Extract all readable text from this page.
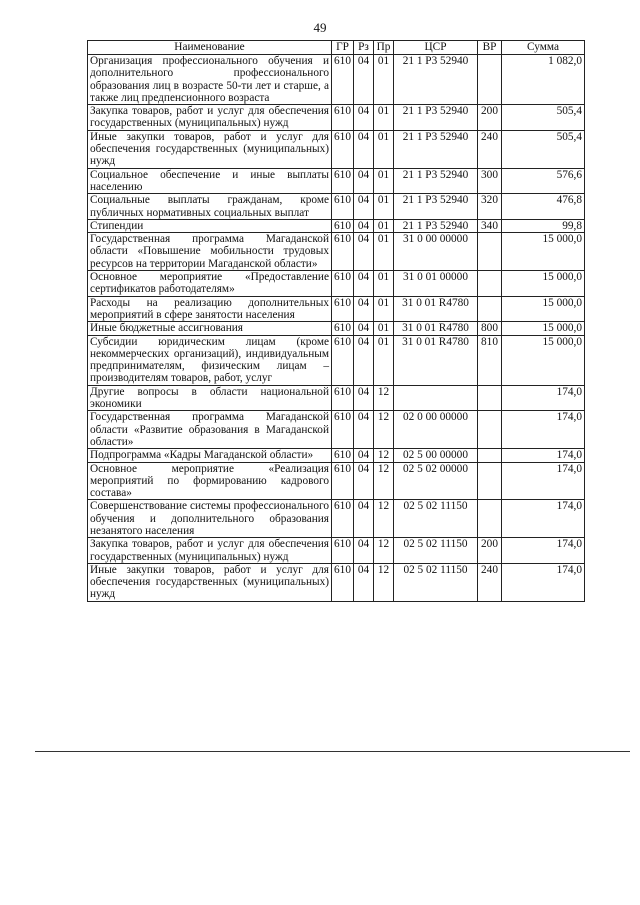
49
Наименование	ГР	Рз	Пр	ЦСР	ВР	Сумма
Организация профессионального обучения и дополнительного профессионального образования лиц в возрасте 50-ти лет и старше, а также лиц предпенсионного возраста	610	04	01	21 1 P3 52940		1 082,0
Закупка товаров, работ и услуг для обеспечения государственных (муниципальных) нужд	610	04	01	21 1 P3 52940	200	505,4
Иные закупки товаров, работ и услуг для обеспечения государственных (муниципальных) нужд	610	04	01	21 1 P3 52940	240	505,4
Социальное обеспечение и иные выплаты населению	610	04	01	21 1 P3 52940	300	576,6
Социальные выплаты гражданам, кроме публичных нормативных социальных выплат	610	04	01	21 1 P3 52940	320	476,8
Стипендии	610	04	01	21 1 P3 52940	340	99,8
Государственная программа Магаданской области «Повышение мобильности трудовых ресурсов на территории Магаданской области»	610	04	01	31 0 00 00000		15 000,0
Основное мероприятие «Предоставление сертификатов работодателям»	610	04	01	31 0 01 00000		15 000,0
Расходы на реализацию дополнительных мероприятий в сфере занятости населения	610	04	01	31 0 01 R4780		15 000,0
Иные бюджетные ассигнования	610	04	01	31 0 01 R4780	800	15 000,0
Субсидии юридическим лицам (кроме некоммерческих организаций), индивидуальным предпринимателям, физическим лицам – производителям товаров, работ, услуг	610	04	01	31 0 01 R4780	810	15 000,0
Другие вопросы в области национальной экономики	610	04	12			174,0
Государственная программа Магаданской области «Развитие образования в Магаданской области»	610	04	12	02 0 00 00000		174,0
Подпрограмма «Кадры Магаданской области»	610	04	12	02 5 00 00000		174,0
Основное мероприятие «Реализация мероприятий по формированию кадрового состава»	610	04	12	02 5 02 00000		174,0
Совершенствование системы профессионального обучения и дополнительного образования незанятого населения	610	04	12	02 5 02 11150		174,0
Закупка товаров, работ и услуг для обеспечения государственных (муниципальных) нужд	610	04	12	02 5 02 11150	200	174,0
Иные закупки товаров, работ и услуг для обеспечения государственных (муниципальных) нужд	610	04	12	02 5 02 11150	240	174,0
